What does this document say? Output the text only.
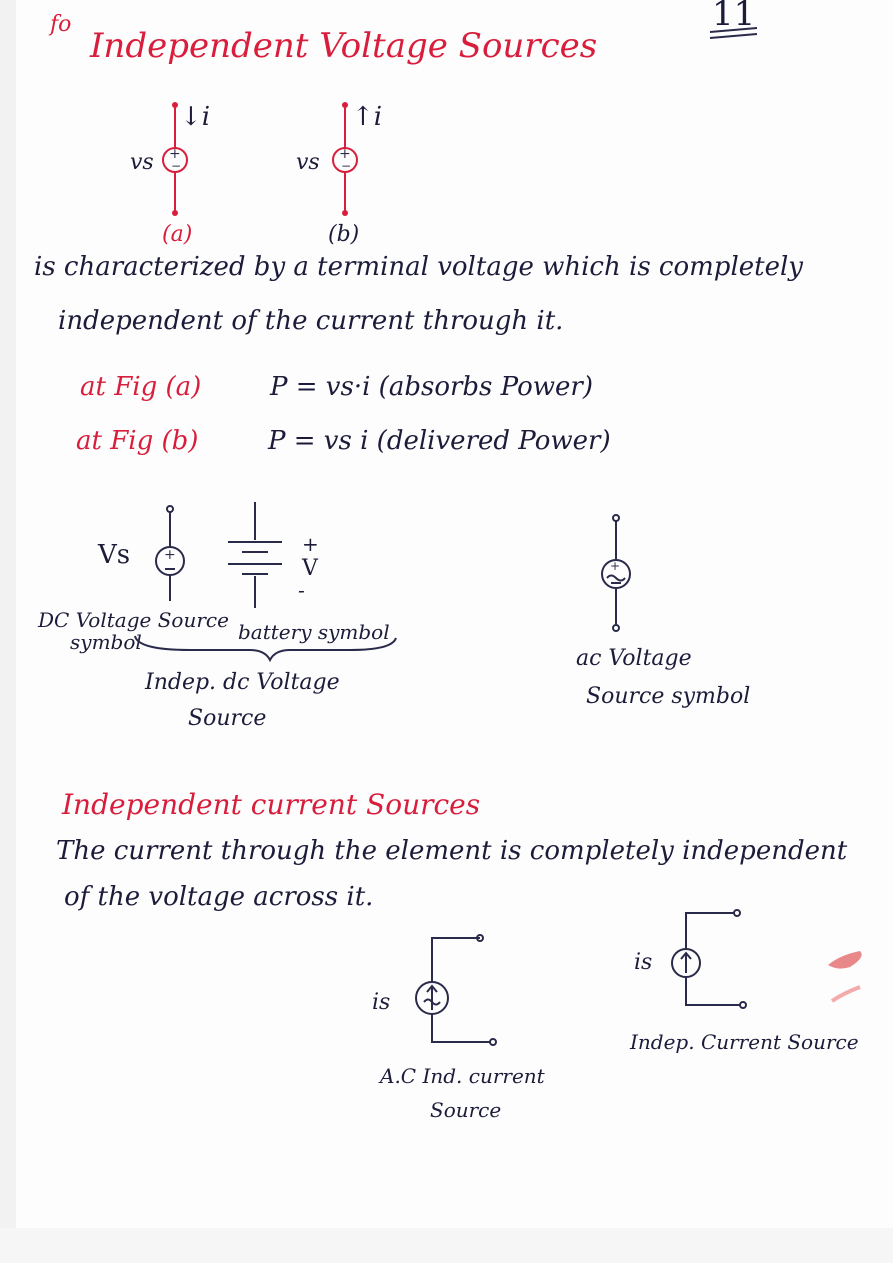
11
fo
Independent Voltage Sources
+
−
↓i
vs
(a)
+
−
↑i
vs
(b)
is characterized by a terminal voltage which is completely
independent of the current through it.
at Fig (a)	P = vs·i (absorbs Power)
at Fig (b)	P = vs i (delivered Power)
+
Vs	+
V
-
DC Voltage Source
symbol	battery symbol
Indep. dc Voltage
Source
+
ac Voltage
Source symbol
Independent current Sources
The current through the element is completely independent
of the voltage across it.
is
A.C Ind. current
Source
is
Indep. Current Source
